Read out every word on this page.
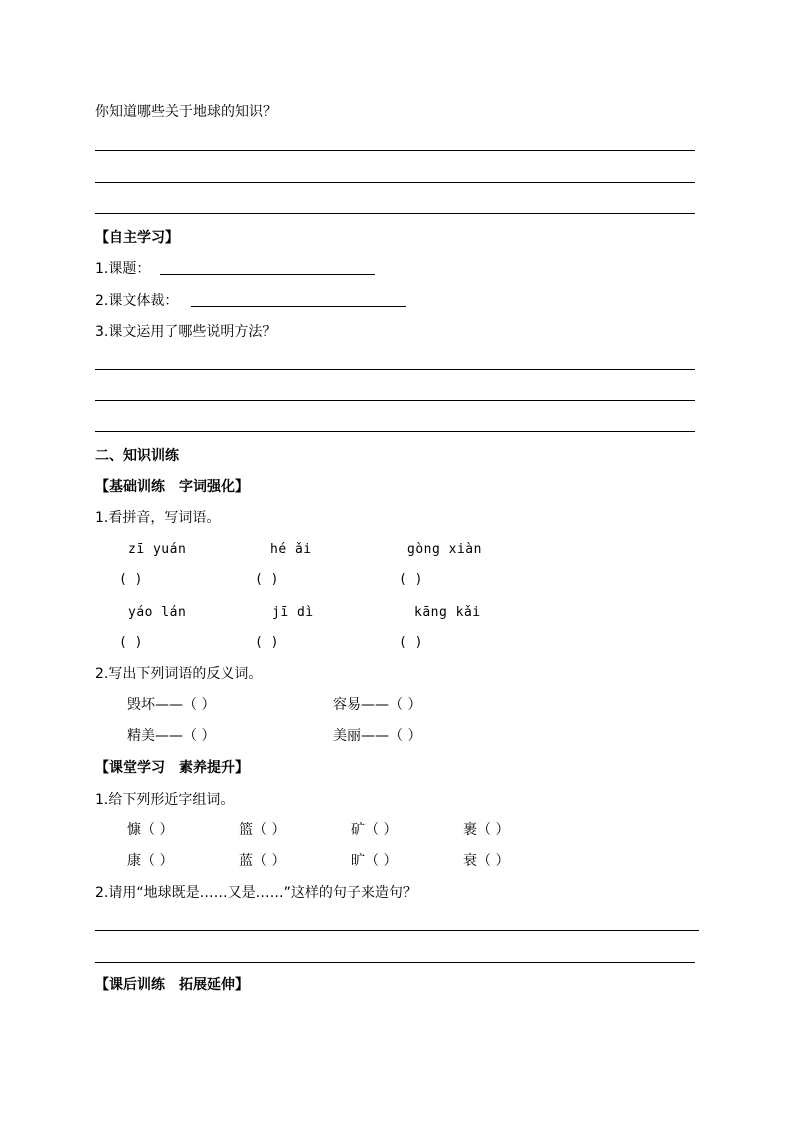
你知道哪些关于地球的知识？
【自主学习】
1.课题：
2.课文体裁：
3.课文运用了哪些说明方法？
二、知识训练
【基础训练　字词强化】
1.看拼音，写词语。
zī yuán	hé ǎi	gòng xiàn
( )	( )	( )
yáo lán	jī dì	kāng kǎi
( )	( )	( )
2.写出下列词语的反义词。
毁坏——（ ）	容易——（ ）
精美——（ ）	美丽——（ ）
【课堂学习　素养提升】
1.给下列形近字组词。
慷（ ）	篮（ ）	矿（ ）	裹（ ）
康（ ）	蓝（ ）	旷（ ）	衰（ ）
2.请用“地球既是……又是……”这样的句子来造句？
【课后训练　拓展延伸】
